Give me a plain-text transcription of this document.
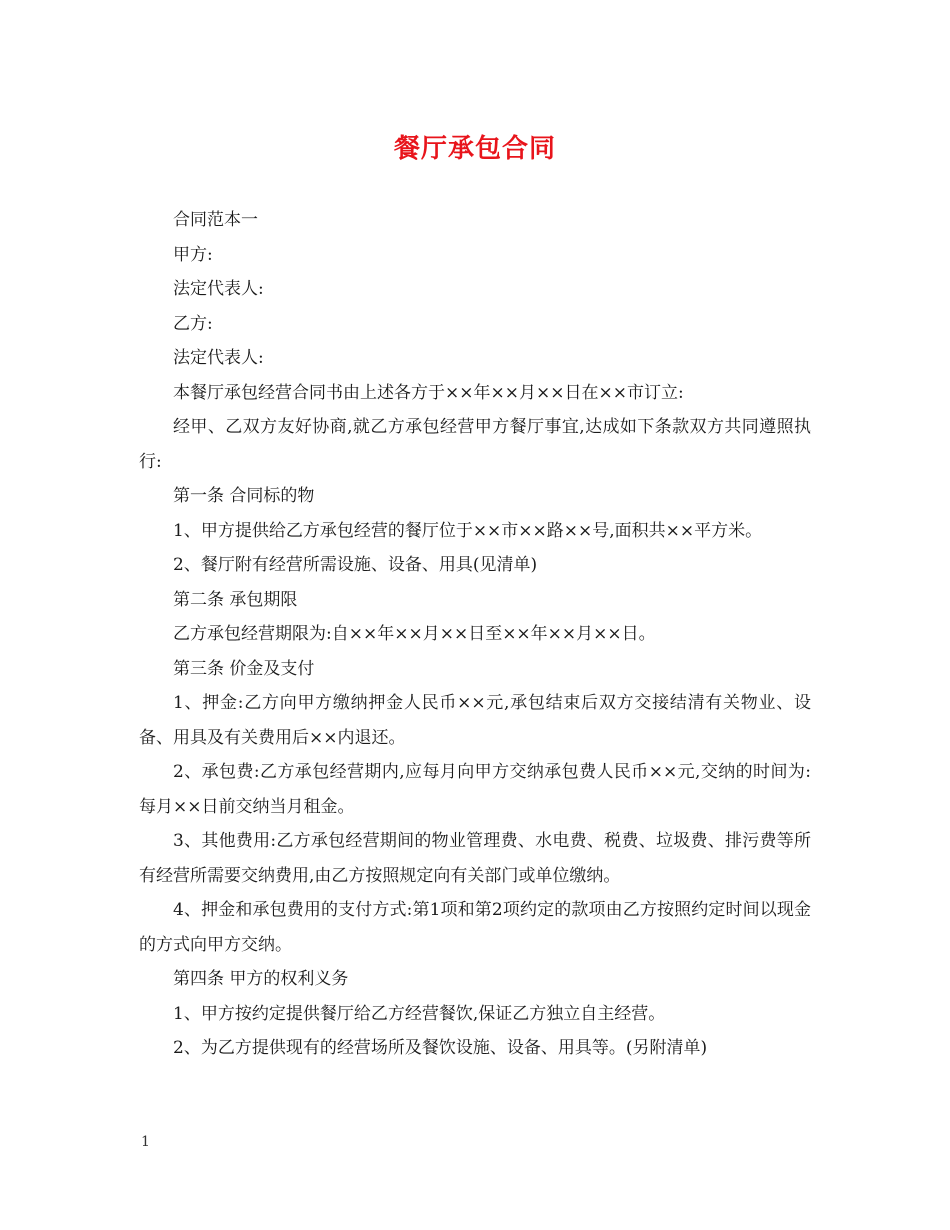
餐厅承包合同

合同范本一

甲方:

法定代表人:

乙方:

法定代表人:

本餐厅承包经营合同书由上述各方于××年××月××日在××市订立:

经甲、乙双方友好协商,就乙方承包经营甲方餐厅事宜,达成如下条款双方共同遵照执行:

第一条 合同标的物

1、甲方提供给乙方承包经营的餐厅位于××市××路××号,面积共××平方米。

2、餐厅附有经营所需设施、设备、用具(见清单)

第二条 承包期限

乙方承包经营期限为:自××年××月××日至××年××月××日。

第三条 价金及支付

1、押金:乙方向甲方缴纳押金人民币××元,承包结束后双方交接结清有关物业、设备、用具及有关费用后××内退还。

2、承包费:乙方承包经营期内,应每月向甲方交纳承包费人民币××元,交纳的时间为:每月××日前交纳当月租金。

3、其他费用:乙方承包经营期间的物业管理费、水电费、税费、垃圾费、排污费等所有经营所需要交纳费用,由乙方按照规定向有关部门或单位缴纳。

4、押金和承包费用的支付方式:第1项和第2项约定的款项由乙方按照约定时间以现金的方式向甲方交纳。

第四条 甲方的权利义务

1、甲方按约定提供餐厅给乙方经营餐饮,保证乙方独立自主经营。

2、为乙方提供现有的经营场所及餐饮设施、设备、用具等。(另附清单)

1
